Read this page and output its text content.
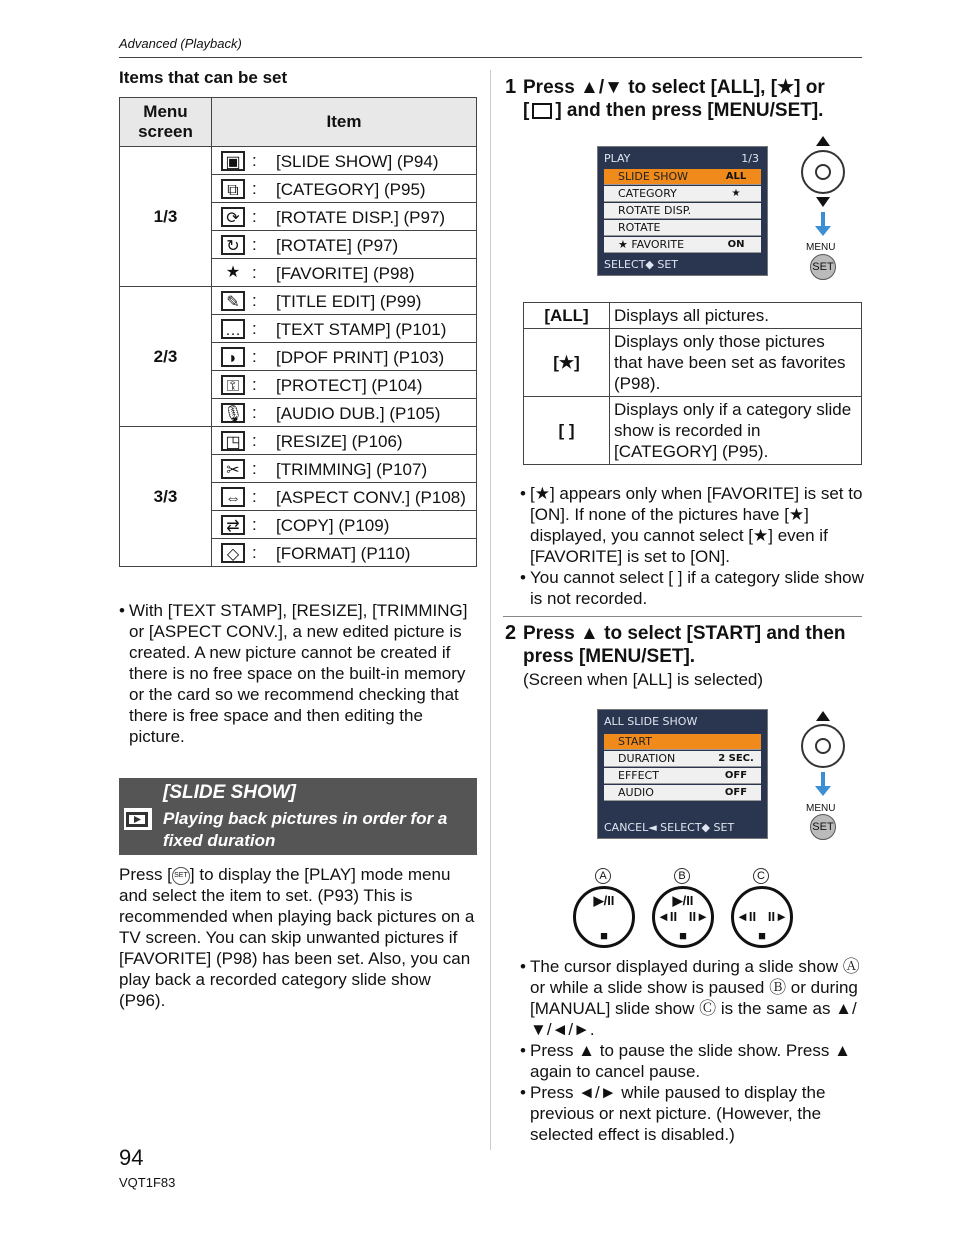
Advanced (Playback)
Items that can be set
Menu screen	Item
1/3	▣ : [SLIDE SHOW] (P94)

	⧉ : [CATEGORY] (P95)

	⟳ : [ROTATE DISP.] (P97)

	↻ : [ROTATE] (P97)

	★ : [FAVORITE] (P98)

2/3	✎ : [TITLE EDIT] (P99)

	… : [TEXT STAMP] (P101)

	◗ : [DPOF PRINT] (P103)

	⚿ : [PROTECT] (P104)

	🎙 : [AUDIO DUB.] (P105)

3/3	◳ : [RESIZE] (P106)

	✂ : [TRIMMING] (P107)

	⇔ : [ASPECT CONV.] (P108)

	⇄ : [COPY] (P109)

	◇ : [FORMAT] (P110)
• With [TEXT STAMP], [RESIZE], [TRIMMING] or [ASPECT CONV.], a new edited picture is created. A new picture cannot be created if there is no free space on the built-in memory or the card so we recommend checking that there is free space and then editing the picture.
[SLIDE SHOW]
Playing back pictures in order for a fixed duration
Press [ SET ] to display the [PLAY] mode menu and select the item to set. (P93) This is recommended when playing back pictures on a TV screen. You can skip unwanted pictures if [FAVORITE] (P98) has been set. Also, you can play back a recorded category slide show (P96).
94
VQT1F83
1 Press ▲/▼ to select [ALL], [★] or
[ ] and then press [MENU/SET].
PLAY	1/3
SLIDE SHOW	ALL
CATEGORY	★
ROTATE DISP.
ROTATE
★ FAVORITE	ON
SELECT◆ SET
MENU
SET
[ALL]	Displays all pictures.
[★]	Displays only those pictures that have been set as favorites (P98).
[ ]	Displays only if a category slide show is recorded in [CATEGORY] (P95).
• [★] appears only when [FAVORITE] is set to [ON]. If none of the pictures have [★] displayed, you cannot select [★] even if [FAVORITE] is set to [ON].
• You cannot select [ ] if a category slide show is not recorded.
2 Press ▲ to select [START] and then press [MENU/SET].
(Screen when [ALL] is selected)
ALL SLIDE SHOW
START
DURATION	2 SEC.
EFFECT	OFF
AUDIO	OFF
CANCEL◄ SELECT◆ SET
MENU
SET
A
▶/II
■
B
▶/II
◄II II►
■
C
◄II II►
■
• The cursor displayed during a slide show Ⓐ or while a slide show is paused Ⓑ or during [MANUAL] slide show Ⓒ is the same as ▲/▼/◄/►.
• Press ▲ to pause the slide show. Press ▲ again to cancel pause.
• Press ◄/► while paused to display the previous or next picture. (However, the selected effect is disabled.)
